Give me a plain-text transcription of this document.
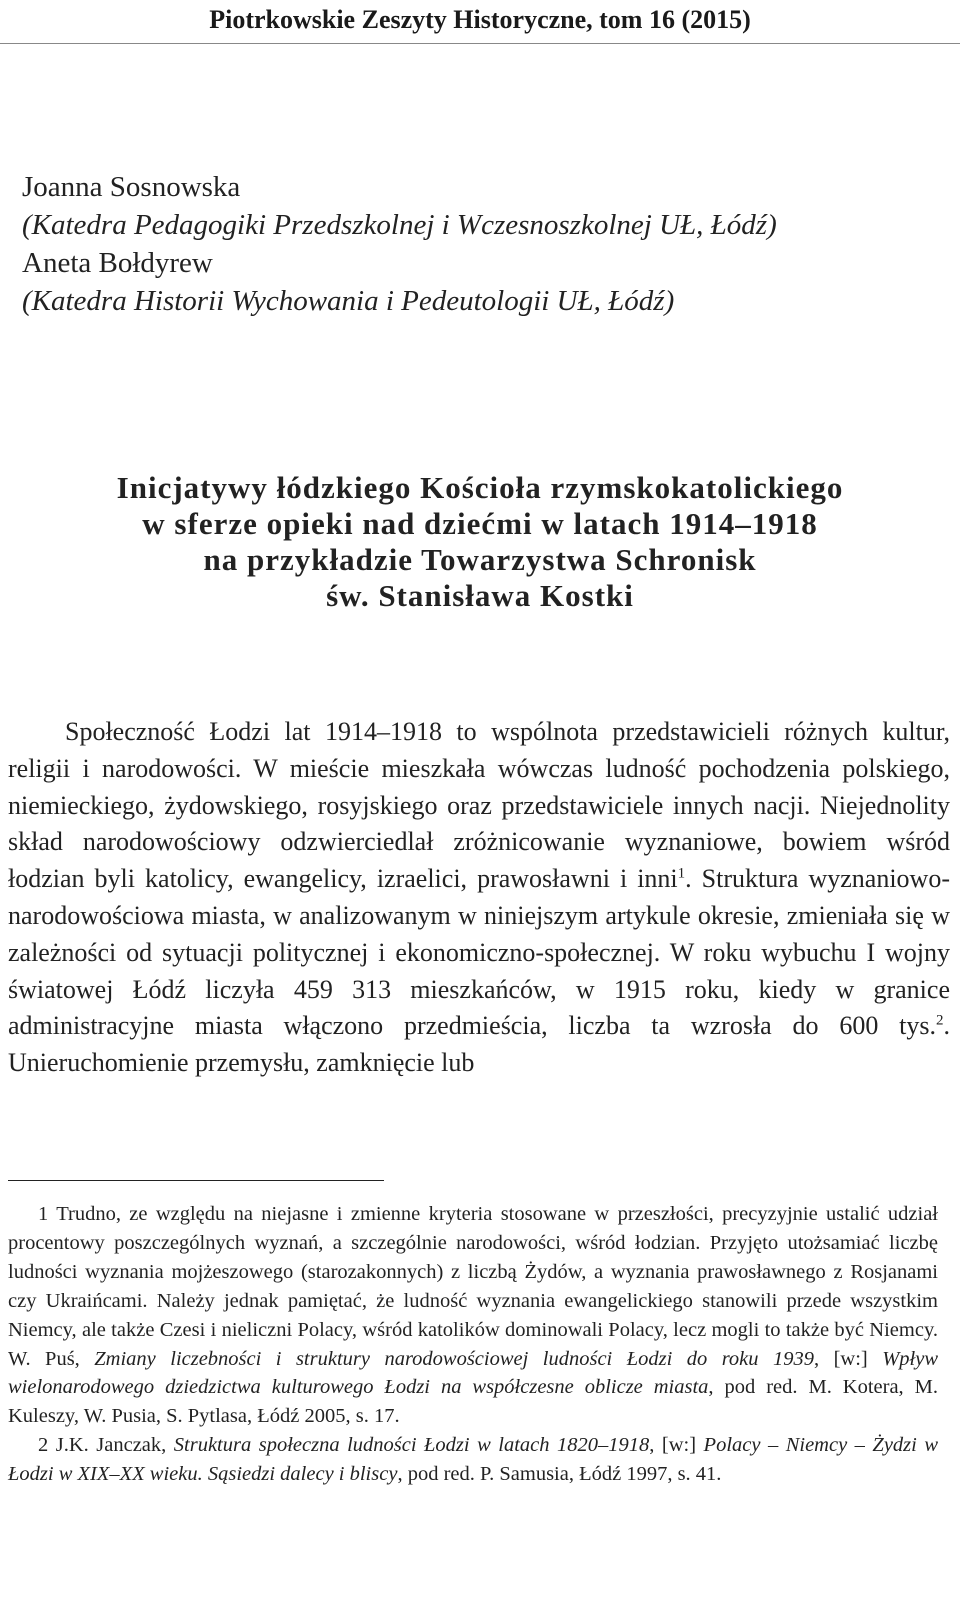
Piotrkowskie Zeszyty Historyczne, tom 16 (2015)
Joanna Sosnowska
(Katedra Pedagogiki Przedszkolnej i Wczesnoszkolnej UŁ, Łódź)
Aneta Bołdyrew
(Katedra Historii Wychowania i Pedeutologii UŁ, Łódź)
Inicjatywy łódzkiego Kościoła rzymskokatolickiego
w sferze opieki nad dziećmi w latach 1914–1918
na przykładzie Towarzystwa Schronisk
św. Stanisława Kostki

Społeczność Łodzi lat 1914–1918 to wspólnota przedstawicieli różnych kultur, religii i narodowości. W mieście mieszkała wówczas ludność pochodzenia polskiego, niemieckiego, żydowskiego, rosyjskiego oraz przedstawiciele innych nacji. Niejednolity skład narodowościowy odzwierciedlał zróżnicowanie wyznaniowe, bowiem wśród łodzian byli katolicy, ewangelicy, izraelici, prawosławni i inni$^1$. Struktura wyznaniowo-narodowościowa miasta, w analizowanym w niniejszym artykule okresie, zmieniała się w zależności od sytuacji politycznej i ekonomiczno-społecznej. W roku wybuchu I wojny światowej Łódź liczyła 459 313 mieszkańców, w 1915 roku, kiedy w granice administracyjne miasta włączono przedmieścia, liczba ta wzrosła do 600 tys.$^2$. Unieruchomienie przemysłu, zamknięcie lub

1 Trudno, ze względu na niejasne i zmienne kryteria stosowane w przeszłości, precyzyjnie ustalić udział procentowy poszczególnych wyznań, a szczególnie narodowości, wśród łodzian. Przyjęto utożsamiać liczbę ludności wyznania mojżeszowego (starozakonnych) z liczbą Żydów, a wyznania prawosławnego z Rosjanami czy Ukraińcami. Należy jednak pamiętać, że ludność wyznania ewangelickiego stanowili przede wszystkim Niemcy, ale także Czesi i nieliczni Polacy, wśród katolików dominowali Polacy, lecz mogli to także być Niemcy. W. Puś, Zmiany liczebności i struktury narodowościowej ludności Łodzi do roku 1939, [w:] Wpływ wielonarodowego dziedzictwa kulturowego Łodzi na współczesne oblicze miasta, pod red. M. Kotera, M. Kuleszy, W. Pusia, S. Pytlasa, Łódź 2005, s. 17.

2 J.K. Janczak, Struktura społeczna ludności Łodzi w latach 1820–1918, [w:] Polacy – Niemcy – Żydzi w Łodzi w XIX–XX wieku. Sąsiedzi dalecy i bliscy, pod red. P. Samusia, Łódź 1997, s. 41.
